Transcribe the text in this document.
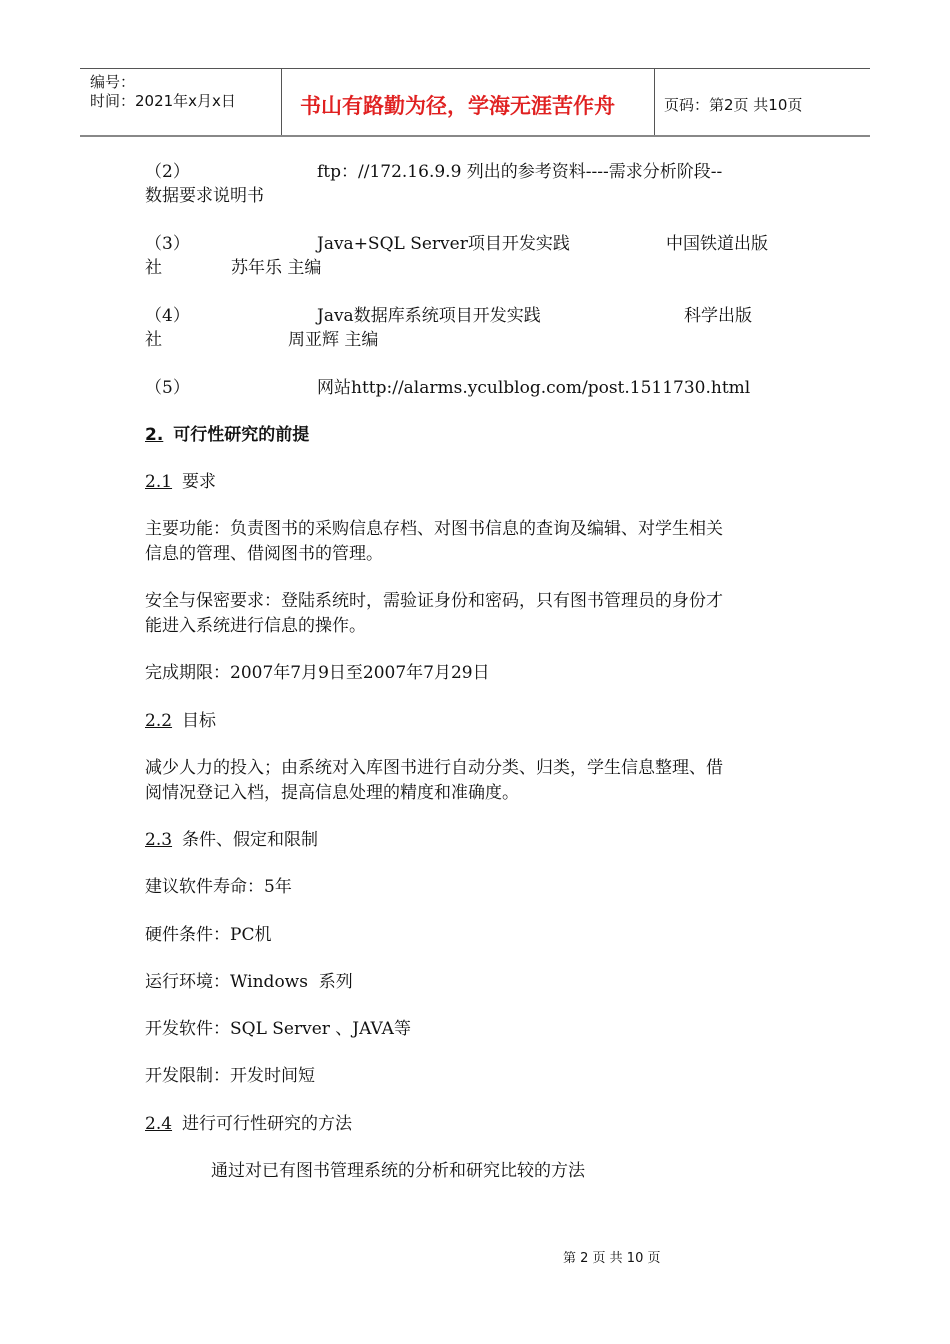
编号：
时间：2021年x月x日	书山有路勤为径，学海无涯苦作舟	页码：第2页 共10页
（2）	ftp：//172.16.9.9 列出的参考资料----需求分析阶段--
数据要求说明书
（3）	Java+SQL Server项目开发实践	中国铁道出版
社	苏年乐 主编
（4）	Java数据库系统项目开发实践	科学出版
社	周亚辉 主编
（5）	网站http://alarms.yculblog.com/post.1511730.html
2. 可行性研究的前提
2.1 要求
主要功能：负责图书的采购信息存档、对图书信息的查询及编辑、对学生相关
信息的管理、借阅图书的管理。
安全与保密要求：登陆系统时，需验证身份和密码，只有图书管理员的身份才
能进入系统进行信息的操作。
完成期限：2007年7月9日至2007年7月29日
2.2 目标
减少人力的投入；由系统对入库图书进行自动分类、归类，学生信息整理、借
阅情况登记入档，提高信息处理的精度和准确度。
2.3 条件、假定和限制
建议软件寿命：5年
硬件条件：PC机
运行环境：Windows  系列
开发软件：SQL Server 、JAVA等
开发限制：开发时间短
2.4 进行可行性研究的方法
通过对已有图书管理系统的分析和研究比较的方法
第 2 页 共 10 页
